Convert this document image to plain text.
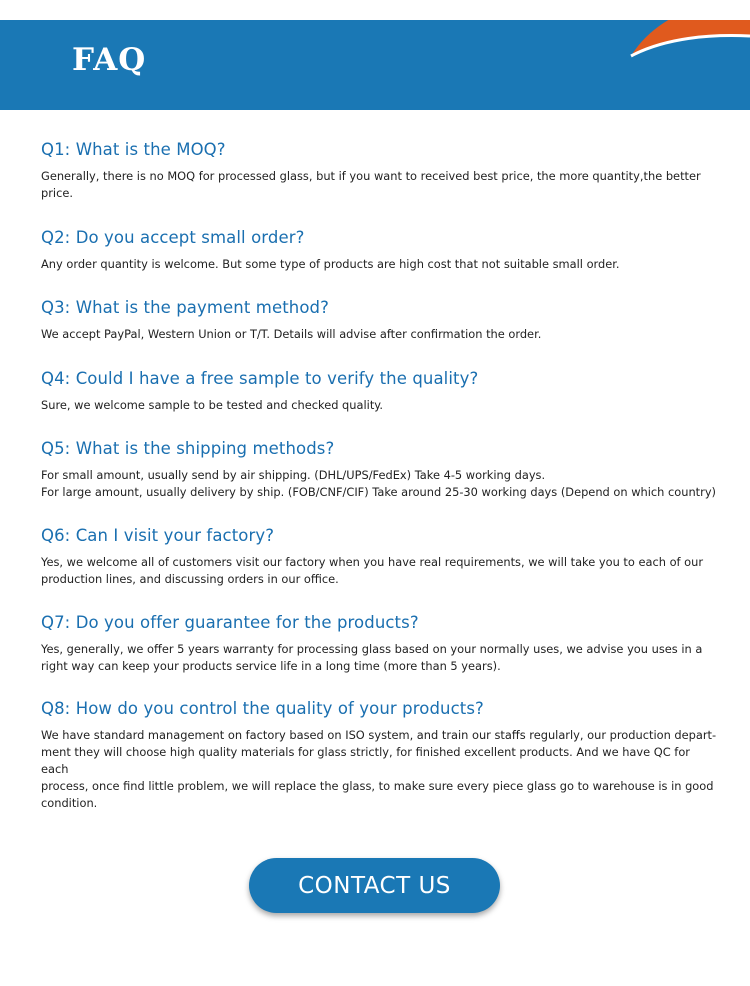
FAQ
Q1: What is the MOQ?

Generally, there is no MOQ for processed glass, but if you want to received best price, the more quantity,the better
price.

Q2: Do you accept small order?

Any order quantity is welcome. But some type of products are high cost that not suitable small order.

Q3: What is the payment method?

We accept PayPal, Western Union or T/T. Details will advise after confirmation the order.

Q4: Could I have a free sample to verify the quality?

Sure, we welcome sample to be tested and checked quality.

Q5: What is the shipping methods?

For small amount, usually send by air shipping. (DHL/UPS/FedEx) Take 4-5 working days.
For large amount, usually delivery by ship. (FOB/CNF/CIF) Take around 25-30 working days (Depend on which country)

Q6: Can I visit your factory?

Yes, we welcome all of customers visit our factory when you have real requirements, we will take you to each of our
production lines, and discussing orders in our office.

Q7: Do you offer guarantee for the products?

Yes, generally, we offer 5 years warranty for processing glass based on your normally uses, we advise you uses in a
right way can keep your products service life in a long time (more than 5 years).

Q8: How do you control the quality of your products?

We have standard management on factory based on ISO system, and train our staffs regularly, our production depart-
ment they will choose high quality materials for glass strictly, for finished excellent products. And we have QC for each
process, once find little problem, we will replace the glass, to make sure every piece glass go to warehouse is in good
condition.

CONTACT US
